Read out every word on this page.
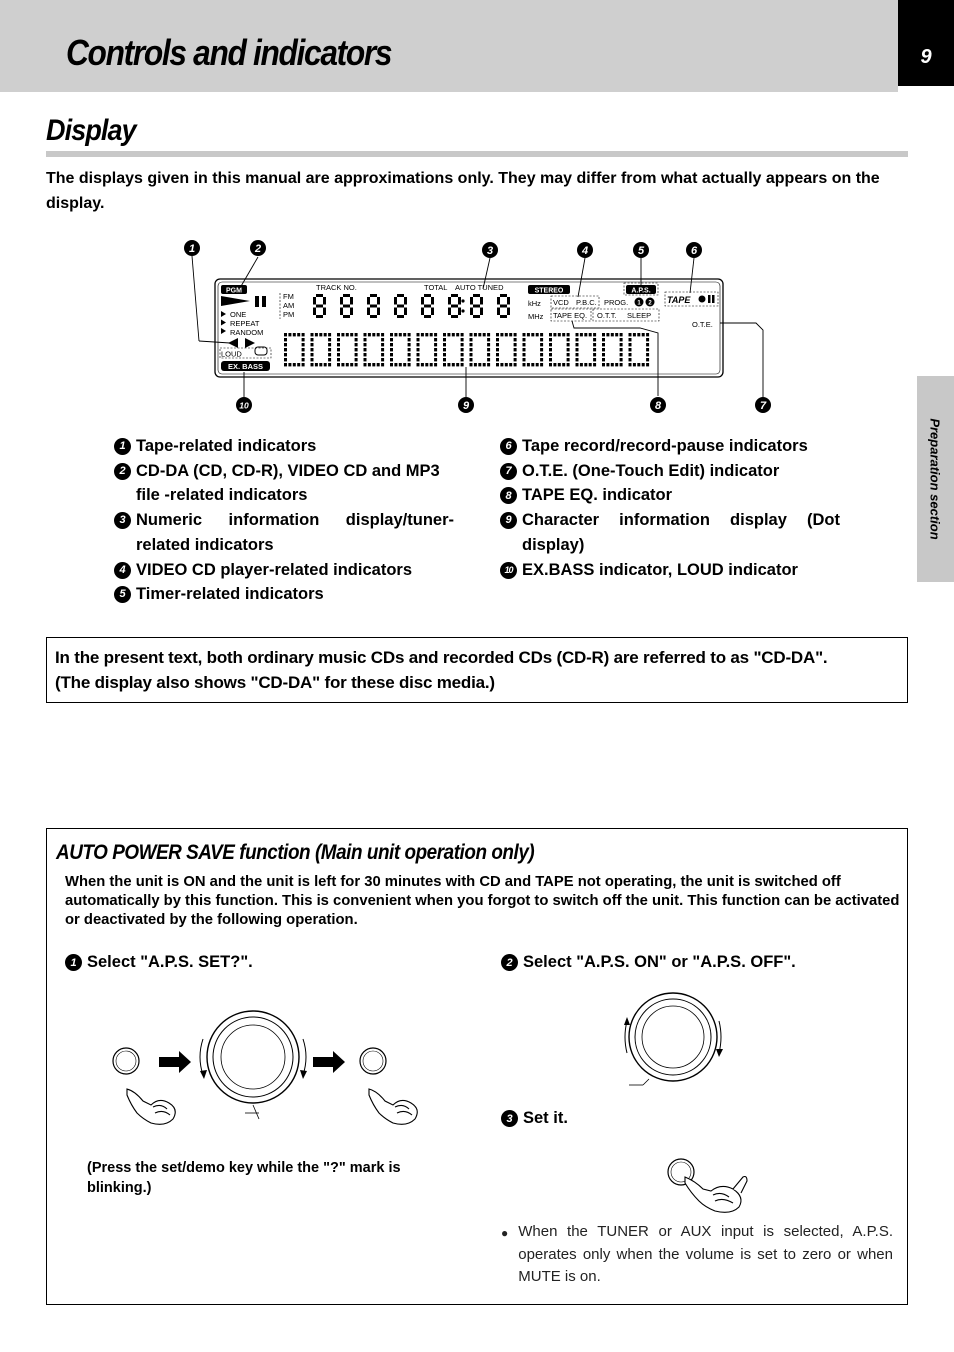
Controls and indicators	9
Display
The displays given in this manual are approximations only. They may differ from what actually appears on the display.
PGM
ONE
REPEAT
RANDOM
LOUD
EX. BASS
FM
AM
PM
TRACK NO.	TOTAL AUTO TUNED	STEREO
kHz
MHz
VCD P.B.C. PROG. 1 2
TAPE EQ. O.T.T. SLEEP
A.P.S.
TAPE
O.T.E.
1	2	3	4	5	6
10	9	8	7
1 Tape-related indicators
2 CD-DA (CD, CD-R), VIDEO CD and MP3 file -related indicators
3 Numeric information display/tuner-related indicators
4 VIDEO CD player-related indicators
5 Timer-related indicators
6 Tape record/record-pause indicators
7 O.T.E. (One-Touch Edit) indicator
8 TAPE EQ. indicator
9 Character information display (Dot display)
10 EX.BASS indicator, LOUD indicator
Preparation section
In the present text, both ordinary music CDs and recorded CDs (CD-R) are referred to as "CD-DA".
(The display also shows "CD-DA" for these disc media.)
AUTO POWER SAVE function (Main unit operation only)
When the unit is ON and the unit is left for 30 minutes with CD and TAPE not operating, the unit is switched off automatically by this function. This is convenient when you forgot to switch off the unit. This function can be activated or deactivated by the following operation.
1 Select "A.P.S. SET?".	2 Select "A.P.S. ON" or "A.P.S. OFF".
3 Set it.
(Press the set/demo key while the "?" mark is blinking.)
● When the TUNER or AUX input is selected, A.P.S. operates only when the volume is set to zero or when MUTE is on.
